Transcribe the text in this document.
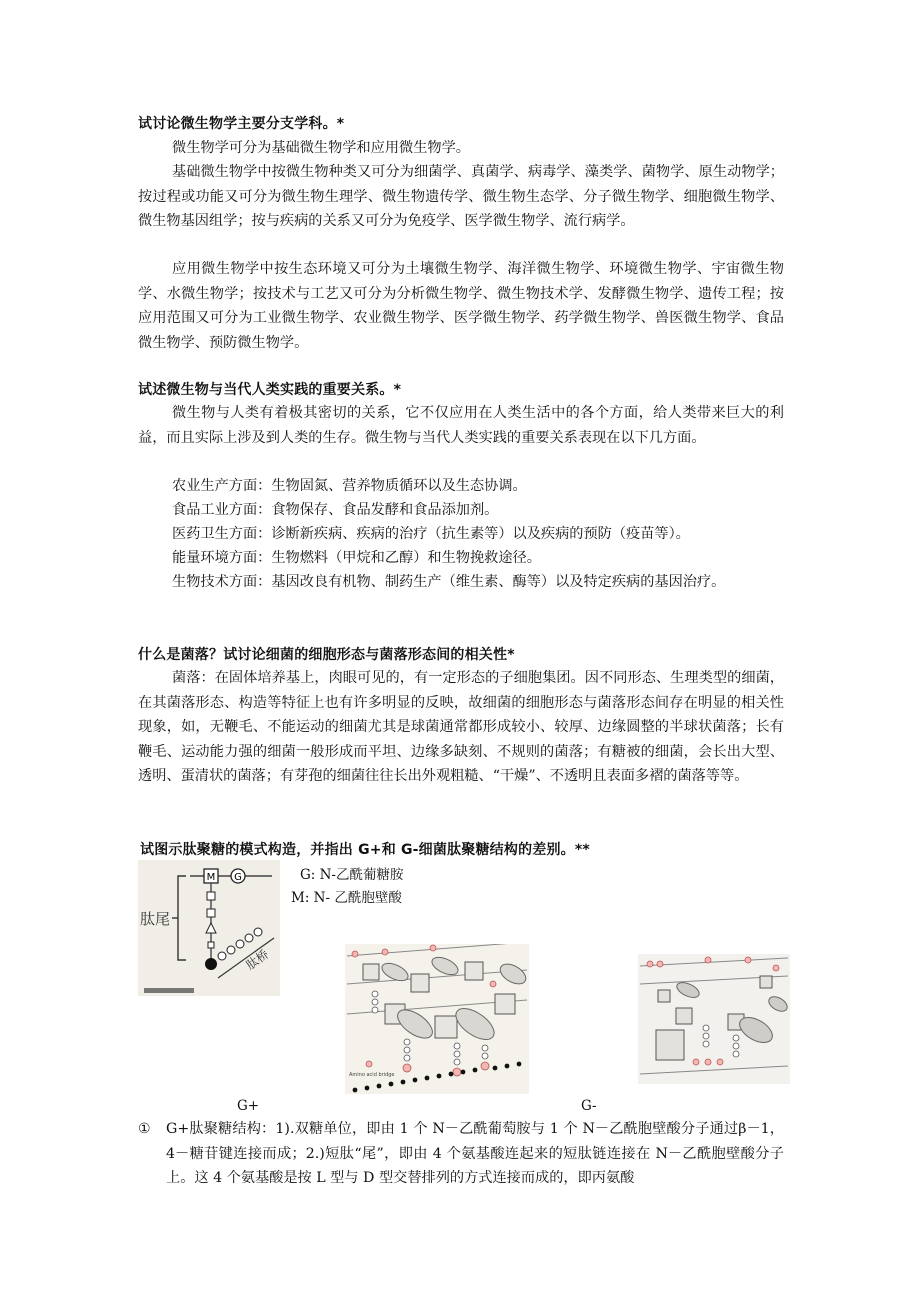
试讨论微生物学主要分支学科。*
微生物学可分为基础微生物学和应用微生物学。
基础微生物学中按微生物种类又可分为细菌学、真菌学、病毒学、藻类学、菌物学、原生动物学；按过程或功能又可分为微生物生理学、微生物遗传学、微生物生态学、分子微生物学、细胞微生物学、微生物基因组学；按与疾病的关系又可分为免疫学、医学微生物学、流行病学。
应用微生物学中按生态环境又可分为土壤微生物学、海洋微生物学、环境微生物学、宇宙微生物学、水微生物学；按技术与工艺又可分为分析微生物学、微生物技术学、发酵微生物学、遗传工程；按应用范围又可分为工业微生物学、农业微生物学、医学微生物学、药学微生物学、兽医微生物学、食品微生物学、预防微生物学。
试述微生物与当代人类实践的重要关系。*
微生物与人类有着极其密切的关系，它不仅应用在人类生活中的各个方面，给人类带来巨大的利益，而且实际上涉及到人类的生存。微生物与当代人类实践的重要关系表现在以下几方面。
农业生产方面：生物固氮、营养物质循环以及生态协调。
食品工业方面：食物保存、食品发酵和食品添加剂。
医药卫生方面：诊断新疾病、疾病的治疗（抗生素等）以及疾病的预防（疫苗等）。
能量环境方面：生物燃料（甲烷和乙醇）和生物挽救途径。
生物技术方面：基因改良有机物、制药生产（维生素、酶等）以及特定疾病的基因治疗。
什么是菌落？试讨论细菌的细胞形态与菌落形态间的相关性*
菌落：在固体培养基上，肉眼可见的，有一定形态的子细胞集团。因不同形态、生理类型的细菌，在其菌落形态、构造等特征上也有许多明显的反映，故细菌的细胞形态与菌落形态间存在明显的相关性现象，如，无鞭毛、不能运动的细菌尤其是球菌通常都形成较小、较厚、边缘圆整的半球状菌落；长有鞭毛、运动能力强的细菌一般形成而平坦、边缘多缺刻、不规则的菌落；有糖被的细菌，会长出大型、透明、蛋清状的菌落；有芽孢的细菌往往长出外观粗糙、“干燥”、不透明且表面多褶的菌落等等。
试图示肽聚糖的模式构造，并指出 G+和 G-细菌肽聚糖结构的差别。**
M G
肽桥
肽尾
G: N-乙酰葡糖胺
M: N- 乙酰胞壁酸
Amino acid bridge
G+	G-
① G+肽聚糖结构：1).双糖单位，即由 1 个 N－乙酰葡萄胺与 1 个 N－乙酰胞壁酸分子通过β－1，4－糖苷键连接而成；2.)短肽“尾”，即由 4 个氨基酸连起来的短肽链连接在 N－乙酰胞壁酸分子上。这 4 个氨基酸是按 L 型与 D 型交替排列的方式连接而成的，即丙氨酸
